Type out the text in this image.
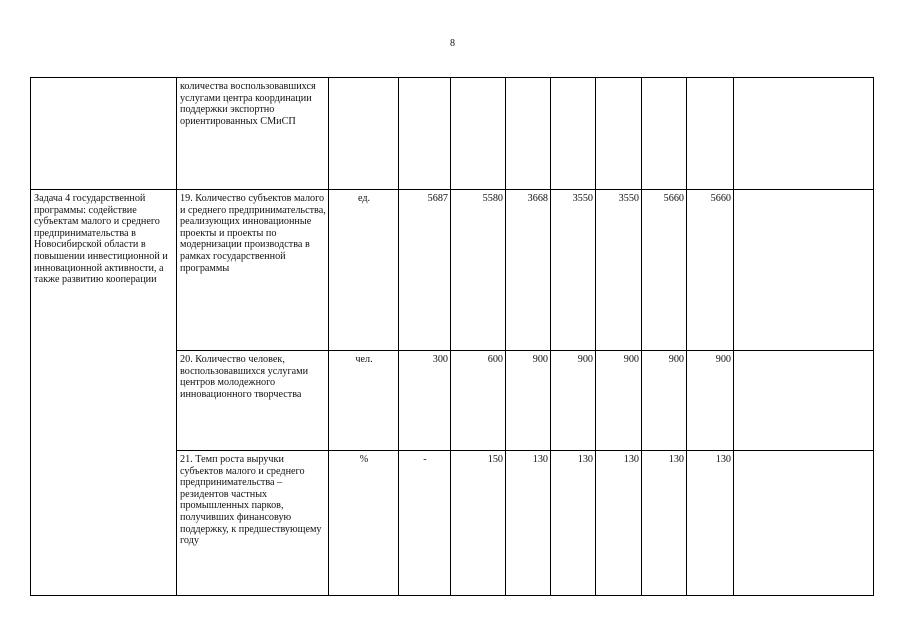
8

	количества воспользовавшихся услугами центра координации поддержки экспортно ориентированных СМиСП									

Задача 4 государственной программы: содействие субъектам малого и среднего предпринимательства в Новосибирской области в повышении инвестиционной и инновационной активности, а также развитию кооперации	19. Количество субъектов малого и среднего предпринимательства, реализующих инновационные проекты и проекты по модернизации производства в рамках государственной программы	ед.	5687	5580	3668	3550	3550	5660	5660	

	20. Количество человек, воспользовавшихся услугами центров молодежного инновационного творчества	чел.	300	600	900	900	900	900	900	

	21. Темп роста выручки субъектов малого и среднего предпринимательства – резидентов частных промышленных парков, получивших финансовую поддержку, к предшествующему году	%	-	150	130	130	130	130	130	
